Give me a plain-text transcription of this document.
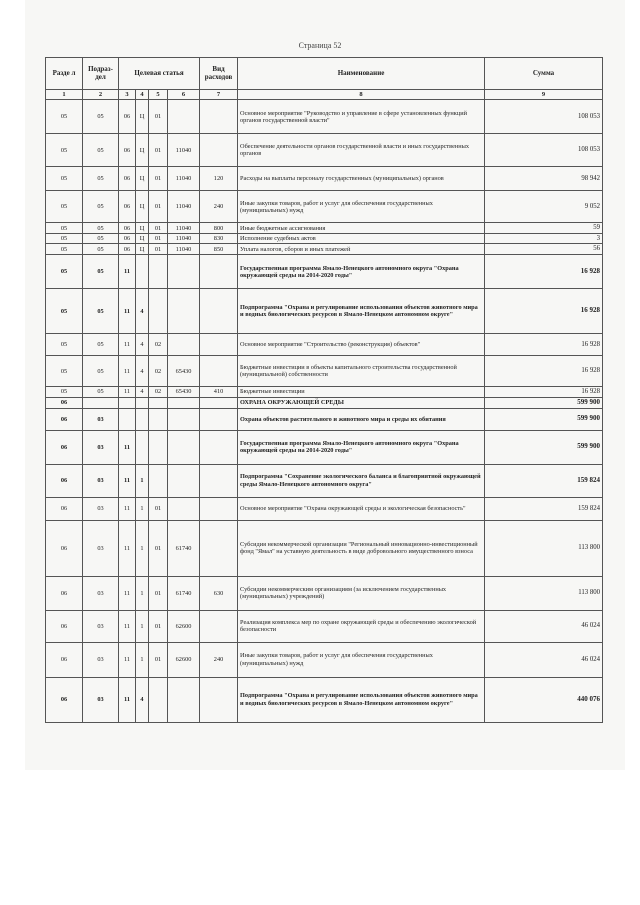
Страница 52
Разде л	Подраз- дел	Целевая статья				Вид расходов	Наименование	Сумма
1	2	3	4	5	6	7	8	9
05	05	06	Ц	01			Основное мероприятие "Руководство и управление в сфере установленных функций органов государственной власти"	108 053
05	05	06	Ц	01	11040		Обеспечение деятельности органов государственной власти и иных государственных органов	108 053
05	05	06	Ц	01	11040	120	Расходы на выплаты персоналу государственных (муниципальных) органов	98 942
05	05	06	Ц	01	11040	240	Иные закупки товаров, работ и услуг для обеспечения государственных (муниципальных) нужд	9 052
05	05	06	Ц	01	11040	800	Иные бюджетные ассигнования	59
05	05	06	Ц	01	11040	830	Исполнение судебных актов	3
05	05	06	Ц	01	11040	850	Уплата налогов, сборов и иных платежей	56
05	05	11					Государственная программа Ямало-Ненецкого автономного округа "Охрана окружающей среды на 2014-2020 годы"	16 928
05	05	11	4				Подпрограмма "Охрана и регулирование использования объектов животного мира и водных биологических ресурсов в Ямало-Ненецком автономном округе"	16 928
05	05	11	4	02			Основное мероприятие "Строительство (реконструкция) объектов"	16 928
05	05	11	4	02	65430		Бюджетные инвестиции в объекты капитального строительства государственной (муниципальной) собственности	16 928
05	05	11	4	02	65430	410	Бюджетные инвестиции	16 928
06							ОХРАНА ОКРУЖАЮЩЕЙ СРЕДЫ	599 900
06	03						Охрана объектов растительного и животного мира и среды их обитания	599 900
06	03	11					Государственная программа Ямало-Ненецкого автономного округа "Охрана окружающей среды на 2014-2020 годы"	599 900
06	03	11	1				Подпрограмма "Сохранение экологического баланса и благоприятной окружающей среды Ямало-Ненецкого автономного округа"	159 824
06	03	11	1	01			Основное мероприятие "Охрана окружающей среды и экологическая безопасность"	159 824
06	03	11	1	01	61740		Субсидия некоммерческой организации "Региональный инновационно-инвестиционный фонд "Ямал" на уставную деятельность в виде добровольного имущественного взноса	113 800
06	03	11	1	01	61740	630	Субсидии некоммерческим организациям (за исключением государственных (муниципальных) учреждений)	113 800
06	03	11	1	01	62600		Реализация комплекса мер по охране окружающей среды и обеспечению экологической безопасности	46 024
06	03	11	1	01	62600	240	Иные закупки товаров, работ и услуг для обеспечения государственных (муниципальных) нужд	46 024
06	03	11	4				Подпрограмма "Охрана и регулирование использования объектов животного мира и водных биологических ресурсов в Ямало-Ненецком автономном округе"	440 076
